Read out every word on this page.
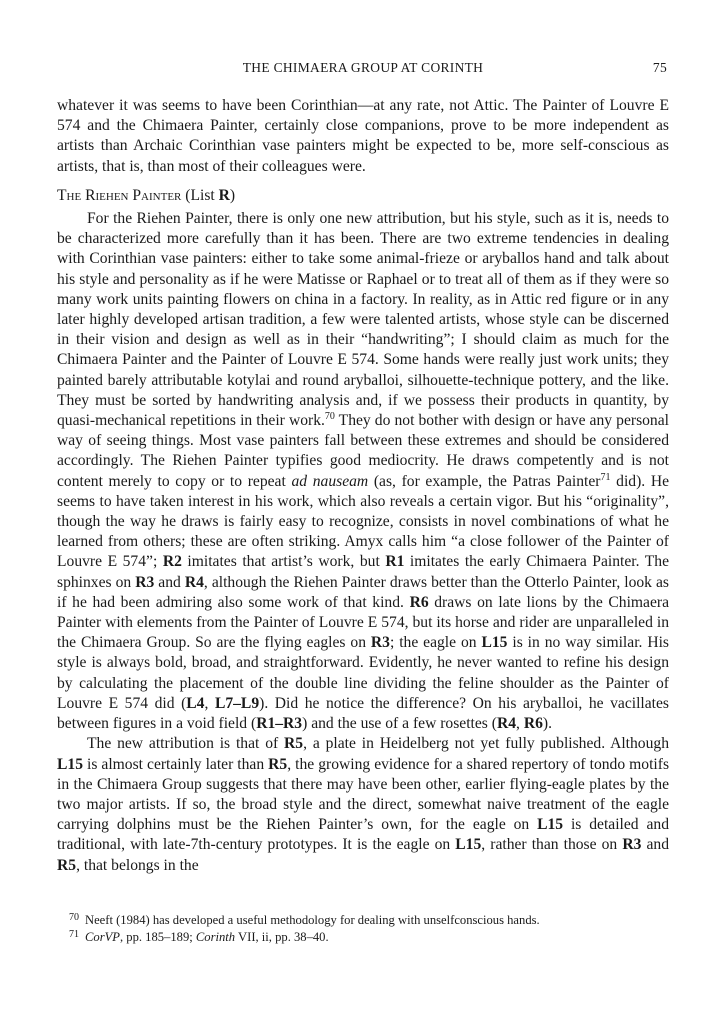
THE CHIMAERA GROUP AT CORINTH	75

whatever it was seems to have been Corinthian—at any rate, not Attic. The Painter of Louvre E 574 and the Chimaera Painter, certainly close companions, prove to be more independent as artists than Archaic Corinthian vase painters might be expected to be, more self-conscious as artists, that is, than most of their colleagues were.

The Riehen Painter (List R)

For the Riehen Painter, there is only one new attribution, but his style, such as it is, needs to be characterized more carefully than it has been. There are two extreme tendencies in dealing with Corinthian vase painters: either to take some animal-frieze or aryballos hand and talk about his style and personality as if he were Matisse or Raphael or to treat all of them as if they were so many work units painting flowers on china in a factory. In reality, as in Attic red figure or in any later highly developed artisan tradition, a few were talented artists, whose style can be discerned in their vision and design as well as in their “handwriting”; I should claim as much for the Chimaera Painter and the Painter of Louvre E 574. Some hands were really just work units; they painted barely attributable kotylai and round aryballoi, silhouette-technique pottery, and the like. They must be sorted by handwriting analysis and, if we possess their products in quantity, by quasi-mechanical repetitions in their work.$^{70}$ They do not bother with design or have any personal way of seeing things. Most vase painters fall between these extremes and should be considered accordingly. The Riehen Painter typifies good mediocrity. He draws competently and is not content merely to copy or to repeat ad nauseam (as, for example, the Patras Painter$^{71}$ did). He seems to have taken interest in his work, which also reveals a certain vigor. But his “originality”, though the way he draws is fairly easy to recognize, consists in novel combinations of what he learned from others; these are often striking. Amyx calls him “a close follower of the Painter of Louvre E 574”; R2 imitates that artist’s work, but R1 imitates the early Chimaera Painter. The sphinxes on R3 and R4, although the Riehen Painter draws better than the Otterlo Painter, look as if he had been admiring also some work of that kind. R6 draws on late lions by the Chimaera Painter with elements from the Painter of Louvre E 574, but its horse and rider are unparalleled in the Chimaera Group. So are the flying eagles on R3; the eagle on L15 is in no way similar. His style is always bold, broad, and straightforward. Evidently, he never wanted to refine his design by calculating the placement of the double line dividing the feline shoulder as the Painter of Louvre E 574 did (L4, L7–L9). Did he notice the difference? On his aryballoi, he vacillates between figures in a void field (R1–R3) and the use of a few rosettes (R4, R6).

The new attribution is that of R5, a plate in Heidelberg not yet fully published. Although L15 is almost certainly later than R5, the growing evidence for a shared repertory of tondo motifs in the Chimaera Group suggests that there may have been other, earlier flying-eagle plates by the two major artists. If so, the broad style and the direct, somewhat naive treatment of the eagle carrying dolphins must be the Riehen Painter’s own, for the eagle on L15 is detailed and traditional, with late-7th-century prototypes. It is the eagle on L15, rather than those on R3 and R5, that belongs in the

70 Neeft (1984) has developed a useful methodology for dealing with unselfconscious hands.
71 CorVP, pp. 185–189; Corinth VII, ii, pp. 38–40.
